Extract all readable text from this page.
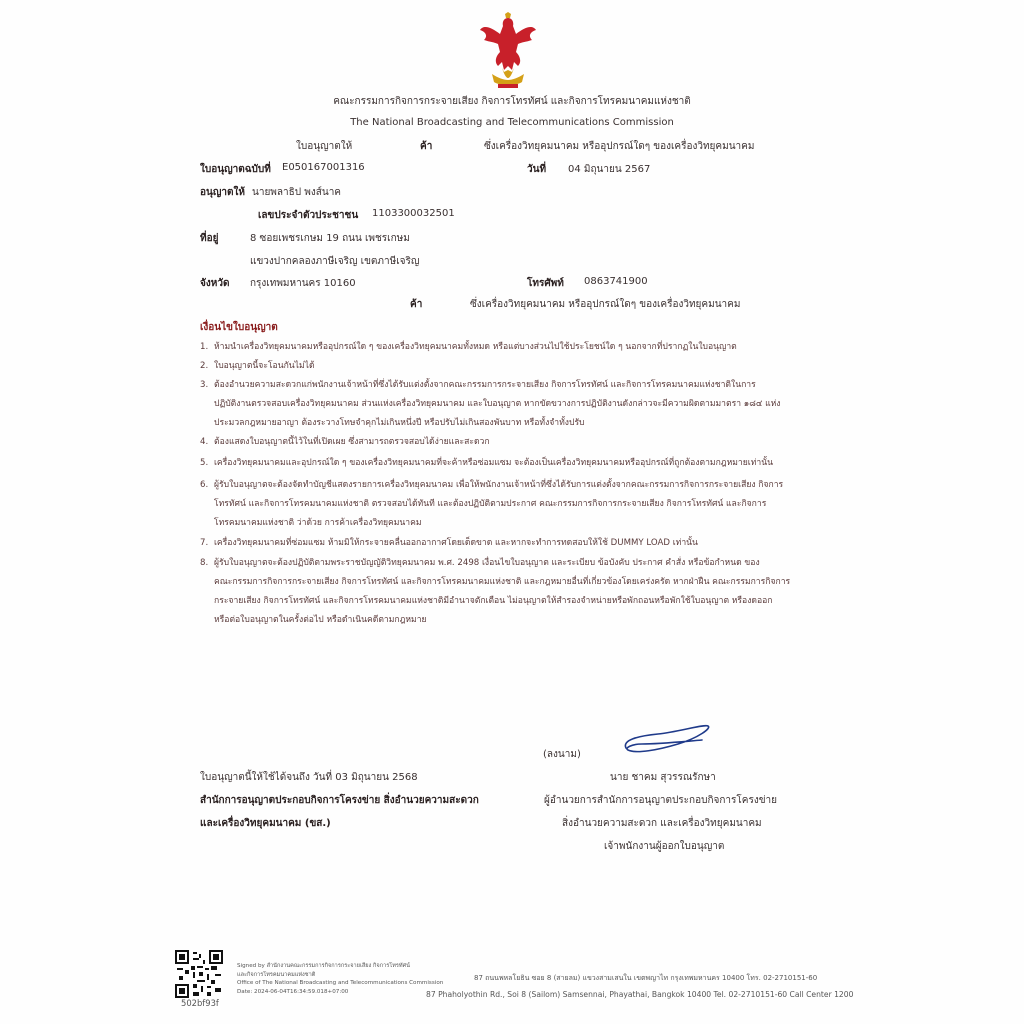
คณะกรรมการกิจการกระจายเสียง กิจการโทรทัศน์ และกิจการโทรคมนาคมแห่งชาติ
The National Broadcasting and Telecommunications Commission
ใบอนุญาตให้	ค้า	ซึ่งเครื่องวิทยุคมนาคม หรืออุปกรณ์ใดๆ ของเครื่องวิทยุคมนาคม
ใบอนุญาตฉบับที่ E050167001316	วันที่ 04 มิถุนายน 2567
อนุญาตให้ นายพลาธิป พงส์นาค
เลขประจำตัวประชาชน 1103300032501
ที่อยู่	8 ซอยเพชรเกษม 19 ถนน เพชรเกษม
แขวงปากคลองภาษีเจริญ เขตภาษีเจริญ
จังหวัด กรุงเทพมหานคร 10160	โทรศัพท์ 0863741900
ค้า	ซึ่งเครื่องวิทยุคมนาคม หรืออุปกรณ์ใดๆ ของเครื่องวิทยุคมนาคม
เงื่อนไขใบอนุญาต
1. ห้ามนำเครื่องวิทยุคมนาคมหรืออุปกรณ์ใด ๆ ของเครื่องวิทยุคมนาคมทั้งหมด หรือแต่บางส่วนไปใช้ประโยชน์ใด ๆ นอกจากที่ปรากฏในใบอนุญาต
2. ใบอนุญาตนี้จะโอนกันไม่ได้
3. ต้องอำนวยความสะดวกแก่พนักงานเจ้าหน้าที่ซึ่งได้รับแต่งตั้งจากคณะกรรมการกระจายเสียง กิจการโทรทัศน์ และกิจการโทรคมนาคมแห่งชาติในการ
ปฏิบัติงานตรวจสอบเครื่องวิทยุคมนาคม ส่วนแห่งเครื่องวิทยุคมนาคม และใบอนุญาต หากขัดขวางการปฏิบัติงานดังกล่าวจะมีความผิดตามมาตรา ๑๘๔ แห่ง
ประมวลกฎหมายอาญา ต้องระวางโทษจำคุกไม่เกินหนึ่งปี หรือปรับไม่เกินสองพันบาท หรือทั้งจำทั้งปรับ
4. ต้องแสดงใบอนุญาตนี้ไว้ในที่เปิดเผย ซึ่งสามารถตรวจสอบได้ง่ายและสะดวก
5. เครื่องวิทยุคมนาคมและอุปกรณ์ใด ๆ ของเครื่องวิทยุคมนาคมที่จะค้าหรือซ่อมแซม จะต้องเป็นเครื่องวิทยุคมนาคมหรืออุปกรณ์ที่ถูกต้องตามกฎหมายเท่านั้น
6. ผู้รับใบอนุญาตจะต้องจัดทำบัญชีแสดงรายการเครื่องวิทยุคมนาคม เพื่อให้พนักงานเจ้าหน้าที่ซึ่งได้รับการแต่งตั้งจากคณะกรรมการกิจการกระจายเสียง กิจการ
โทรทัศน์ และกิจการโทรคมนาคมแห่งชาติ ตรวจสอบได้ทันที และต้องปฏิบัติตามประกาศ คณะกรรมการกิจการกระจายเสียง กิจการโทรทัศน์ และกิจการ
โทรคมนาคมแห่งชาติ ว่าด้วย การค้าเครื่องวิทยุคมนาคม
7. เครื่องวิทยุคมนาคมที่ซ่อมแซม ห้ามมิให้กระจายคลื่นออกอากาศโดยเด็ดขาด และหากจะทำการทดสอบให้ใช้ DUMMY LOAD เท่านั้น
8. ผู้รับใบอนุญาตจะต้องปฏิบัติตามพระราชบัญญัติวิทยุคมนาคม พ.ศ. 2498 เงื่อนไขใบอนุญาต และระเบียบ ข้อบังคับ ประกาศ คำสั่ง หรือข้อกำหนด ของ
คณะกรรมการกิจการกระจายเสียง กิจการโทรทัศน์ และกิจการโทรคมนาคมแห่งชาติ และกฎหมายอื่นที่เกี่ยวข้องโดยเคร่งครัด หากฝ่าฝืน คณะกรรมการกิจการ
กระจายเสียง กิจการโทรทัศน์ และกิจการโทรคมนาคมแห่งชาติมีอำนาจตักเตือน ไม่อนุญาตให้สำรองจำหน่ายหรือพักถอนหรือพักใช้ใบอนุญาต หรืองดออก
หรือต่อใบอนุญาตในครั้งต่อไป หรือดำเนินคดีตามกฎหมาย
(ลงนาม)
นาย ชาคม สุวรรณรักษา
ผู้อำนวยการสำนักการอนุญาตประกอบกิจการโครงข่าย
สิ่งอำนวยความสะดวก และเครื่องวิทยุคมนาคม
เจ้าพนักงานผู้ออกใบอนุญาต
ใบอนุญาตนี้ให้ใช้ได้จนถึง วันที่ 03 มิถุนายน 2568
สำนักการอนุญาตประกอบกิจการโครงข่าย สิ่งอำนวยความสะดวก
และเครื่องวิทยุคมนาคม (ขส.)
502bf93f
Signed by สำนักงานคณะกรรมการกิจการกระจายเสียง กิจการโทรทัศน์
และกิจการโทรคมนาคมแห่งชาติ
Office of The National Broadcasting and Telecommunications Commission
Date: 2024-06-04T16:34:59.018+07:00
87 ถนนพหลโยธิน ซอย 8 (สายลม) แขวงสามเสนใน เขตพญาไท กรุงเทพมหานคร 10400 โทร. 02-2710151-60
87 Phaholyothin Rd., Soi 8 (Sailom) Samsennai, Phayathai, Bangkok 10400 Tel. 02-2710151-60 Call Center 1200
